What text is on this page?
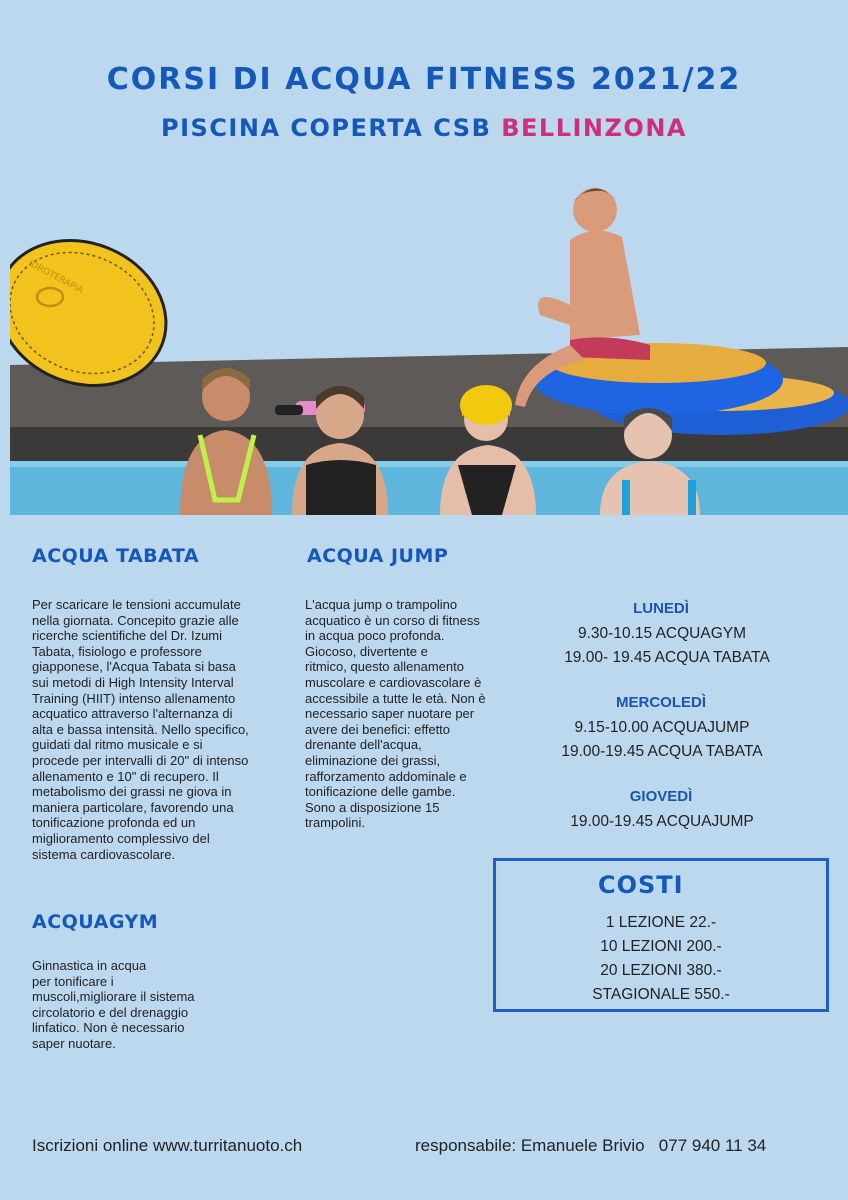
CORSI DI ACQUA FITNESS 2021/22
PISCINA COPERTA CSB BELLINZONA
IDROTERAPIA
ACQUA TABATA
Per scaricare le tensioni accumulate
nella giornata. Concepito grazie alle
ricerche scientifiche del Dr. Izumi
Tabata, fisiologo e professore
giapponese, l'Acqua Tabata si basa
sui metodi di High Intensity Interval
Training (HIIT) intenso allenamento
acquatico attraverso l'alternanza di
alta e bassa intensità. Nello specifico,
guidati dal ritmo musicale e si
procede per intervalli di 20" di intenso
allenamento e 10" di recupero. Il
metabolismo dei grassi ne giova in
maniera particolare, favorendo una
tonificazione profonda ed un
miglioramento complessivo del
sistema cardiovascolare.
ACQUA JUMP
L'acqua jump o trampolino
acquatico è un corso di fitness
in acqua poco profonda.
Giocoso, divertente e
ritmico, questo allenamento
muscolare e cardiovascolare è
accessibile a tutte le età. Non è
necessario saper nuotare per
avere dei benefici: effetto
drenante dell'acqua,
eliminazione dei grassi,
rafforzamento addominale e
tonificazione delle gambe.
Sono a disposizione 15
trampolini.
LUNEDÌ
9.30-10.15 ACQUAGYM
19.00- 19.45 ACQUA TABATA
MERCOLEDÌ
9.15-10.00 ACQUAJUMP
19.00-19.45 ACQUA TABATA
GIOVEDÌ
19.00-19.45 ACQUAJUMP
COSTI
1 LEZIONE 22.-
10 LEZIONI 200.-
20 LEZIONI 380.-
STAGIONALE 550.-
ACQUAGYM
Ginnastica in acqua
per tonificare i
muscoli,migliorare il sistema
circolatorio e del drenaggio
linfatico. Non è necessario
saper nuotare.
Iscrizioni online www.turritanuoto.ch	responsabile: Emanuele Brivio   077 940 11 34
